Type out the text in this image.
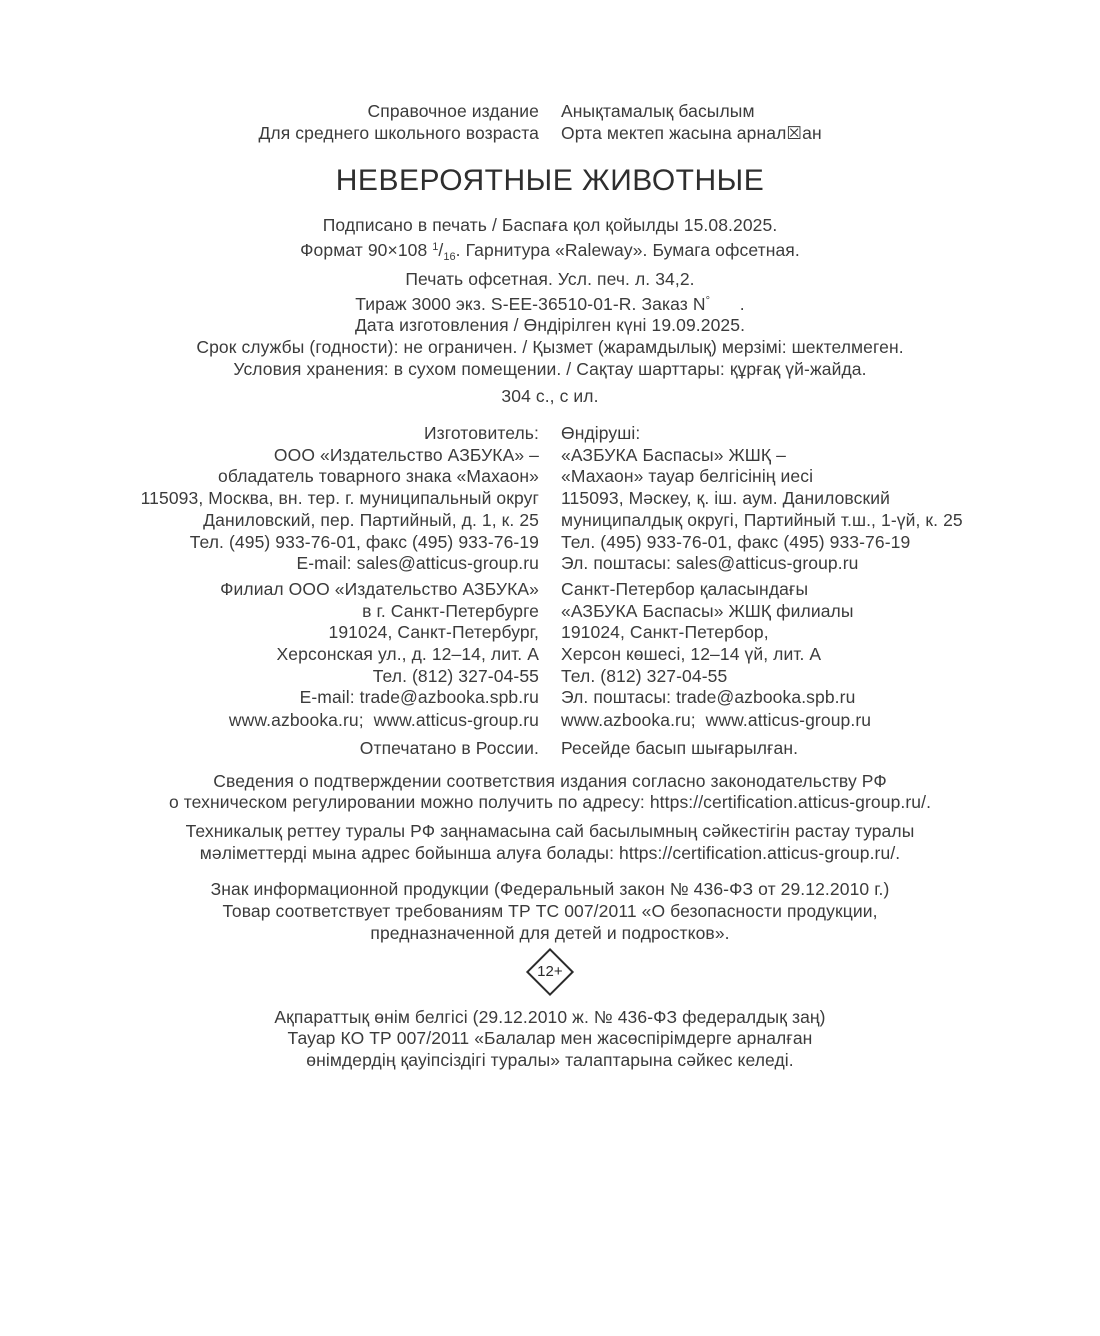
Справочное издание
Для среднего школьного возраста
Анықтамалық басылым
Орта мектеп жасына арнал☒ан
НЕВЕРОЯТНЫЕ ЖИВОТНЫЕ
Подписано в печать / Баспаға қол қойылды 15.08.2025.
Формат 90×108 $^1/_{16}$. Гарнитура «Raleway». Бумага офсетная.
Печать офсетная. Усл. печ. л. 34,2.
Тираж 3000 экз. S-EE-36510-01-R. Заказ N°      .
Дата изготовления / Өндірілген күні 19.09.2025.
Срок службы (годности): не ограничен. / Қызмет (жарамдылық) мерзімі: шектелмеген.
Условия хранения: в сухом помещении. / Сақтау шарттары: құрғақ үй-жайда.
304 с., с ил.
Изготовитель:
ООО «Издательство АЗБУКА» –
обладатель товарного знака «Махаон»
115093, Москва, вн. тер. г. муниципальный округ
Даниловский, пер. Партийный, д. 1, к. 25
Тел. (495) 933-76-01, факс (495) 933-76-19
E-mail: sales@atticus-group.ru
Өндіруші:
«АЗБУКА Баспасы» ЖШҚ –
«Махаон» тауар белгісінің иесі
115093, Мәскеу, қ. іш. аум. Даниловский
муниципалдық округі, Партийный т.ш., 1-үй, к. 25
Тел. (495) 933-76-01, факс (495) 933-76-19
Эл. поштасы: sales@atticus-group.ru
Филиал ООО «Издательство АЗБУКА»
в г. Санкт-Петербурге
191024, Санкт-Петербург,
Херсонская ул., д. 12–14, лит. А
Тел. (812) 327-04-55
E-mail: trade@azbooka.spb.ru
Санкт-Петербор қаласындағы
«АЗБУКА Баспасы» ЖШҚ филиалы
191024, Санкт-Петербор,
Херсон көшесі, 12–14 үй, лит. А
Тел. (812) 327-04-55
Эл. поштасы: trade@azbooka.spb.ru
www.azbooka.ru;  www.atticus-group.ru www.azbooka.ru;  www.atticus-group.ru
Отпечатано в России. Ресейде басып шығарылған.
Сведения о подтверждении соответствия издания согласно законодательству РФ
о техническом регулировании можно получить по адресу: https://certification.atticus-group.ru/.
Техникалық реттеу туралы РФ заңнамасына сай басылымның сәйкестігін растау туралы
мәліметтерді мына адрес бойынша алуға болады: https://certification.atticus-group.ru/.
Знак информационной продукции (Федеральный закон № 436-ФЗ от 29.12.2010 г.)
Товар соответствует требованиям ТР ТС 007/2011 «О безопасности продукции,
предназначенной для детей и подростков».
12+
Ақпараттық өнім белгісі (29.12.2010 ж. № 436-ФЗ федералдық заң)
Тауар КО ТР 007/2011 «Балалар мен жасөспірімдерге арналған
өнімдердің қауіпсіздігі туралы» талаптарына сәйкес келеді.
